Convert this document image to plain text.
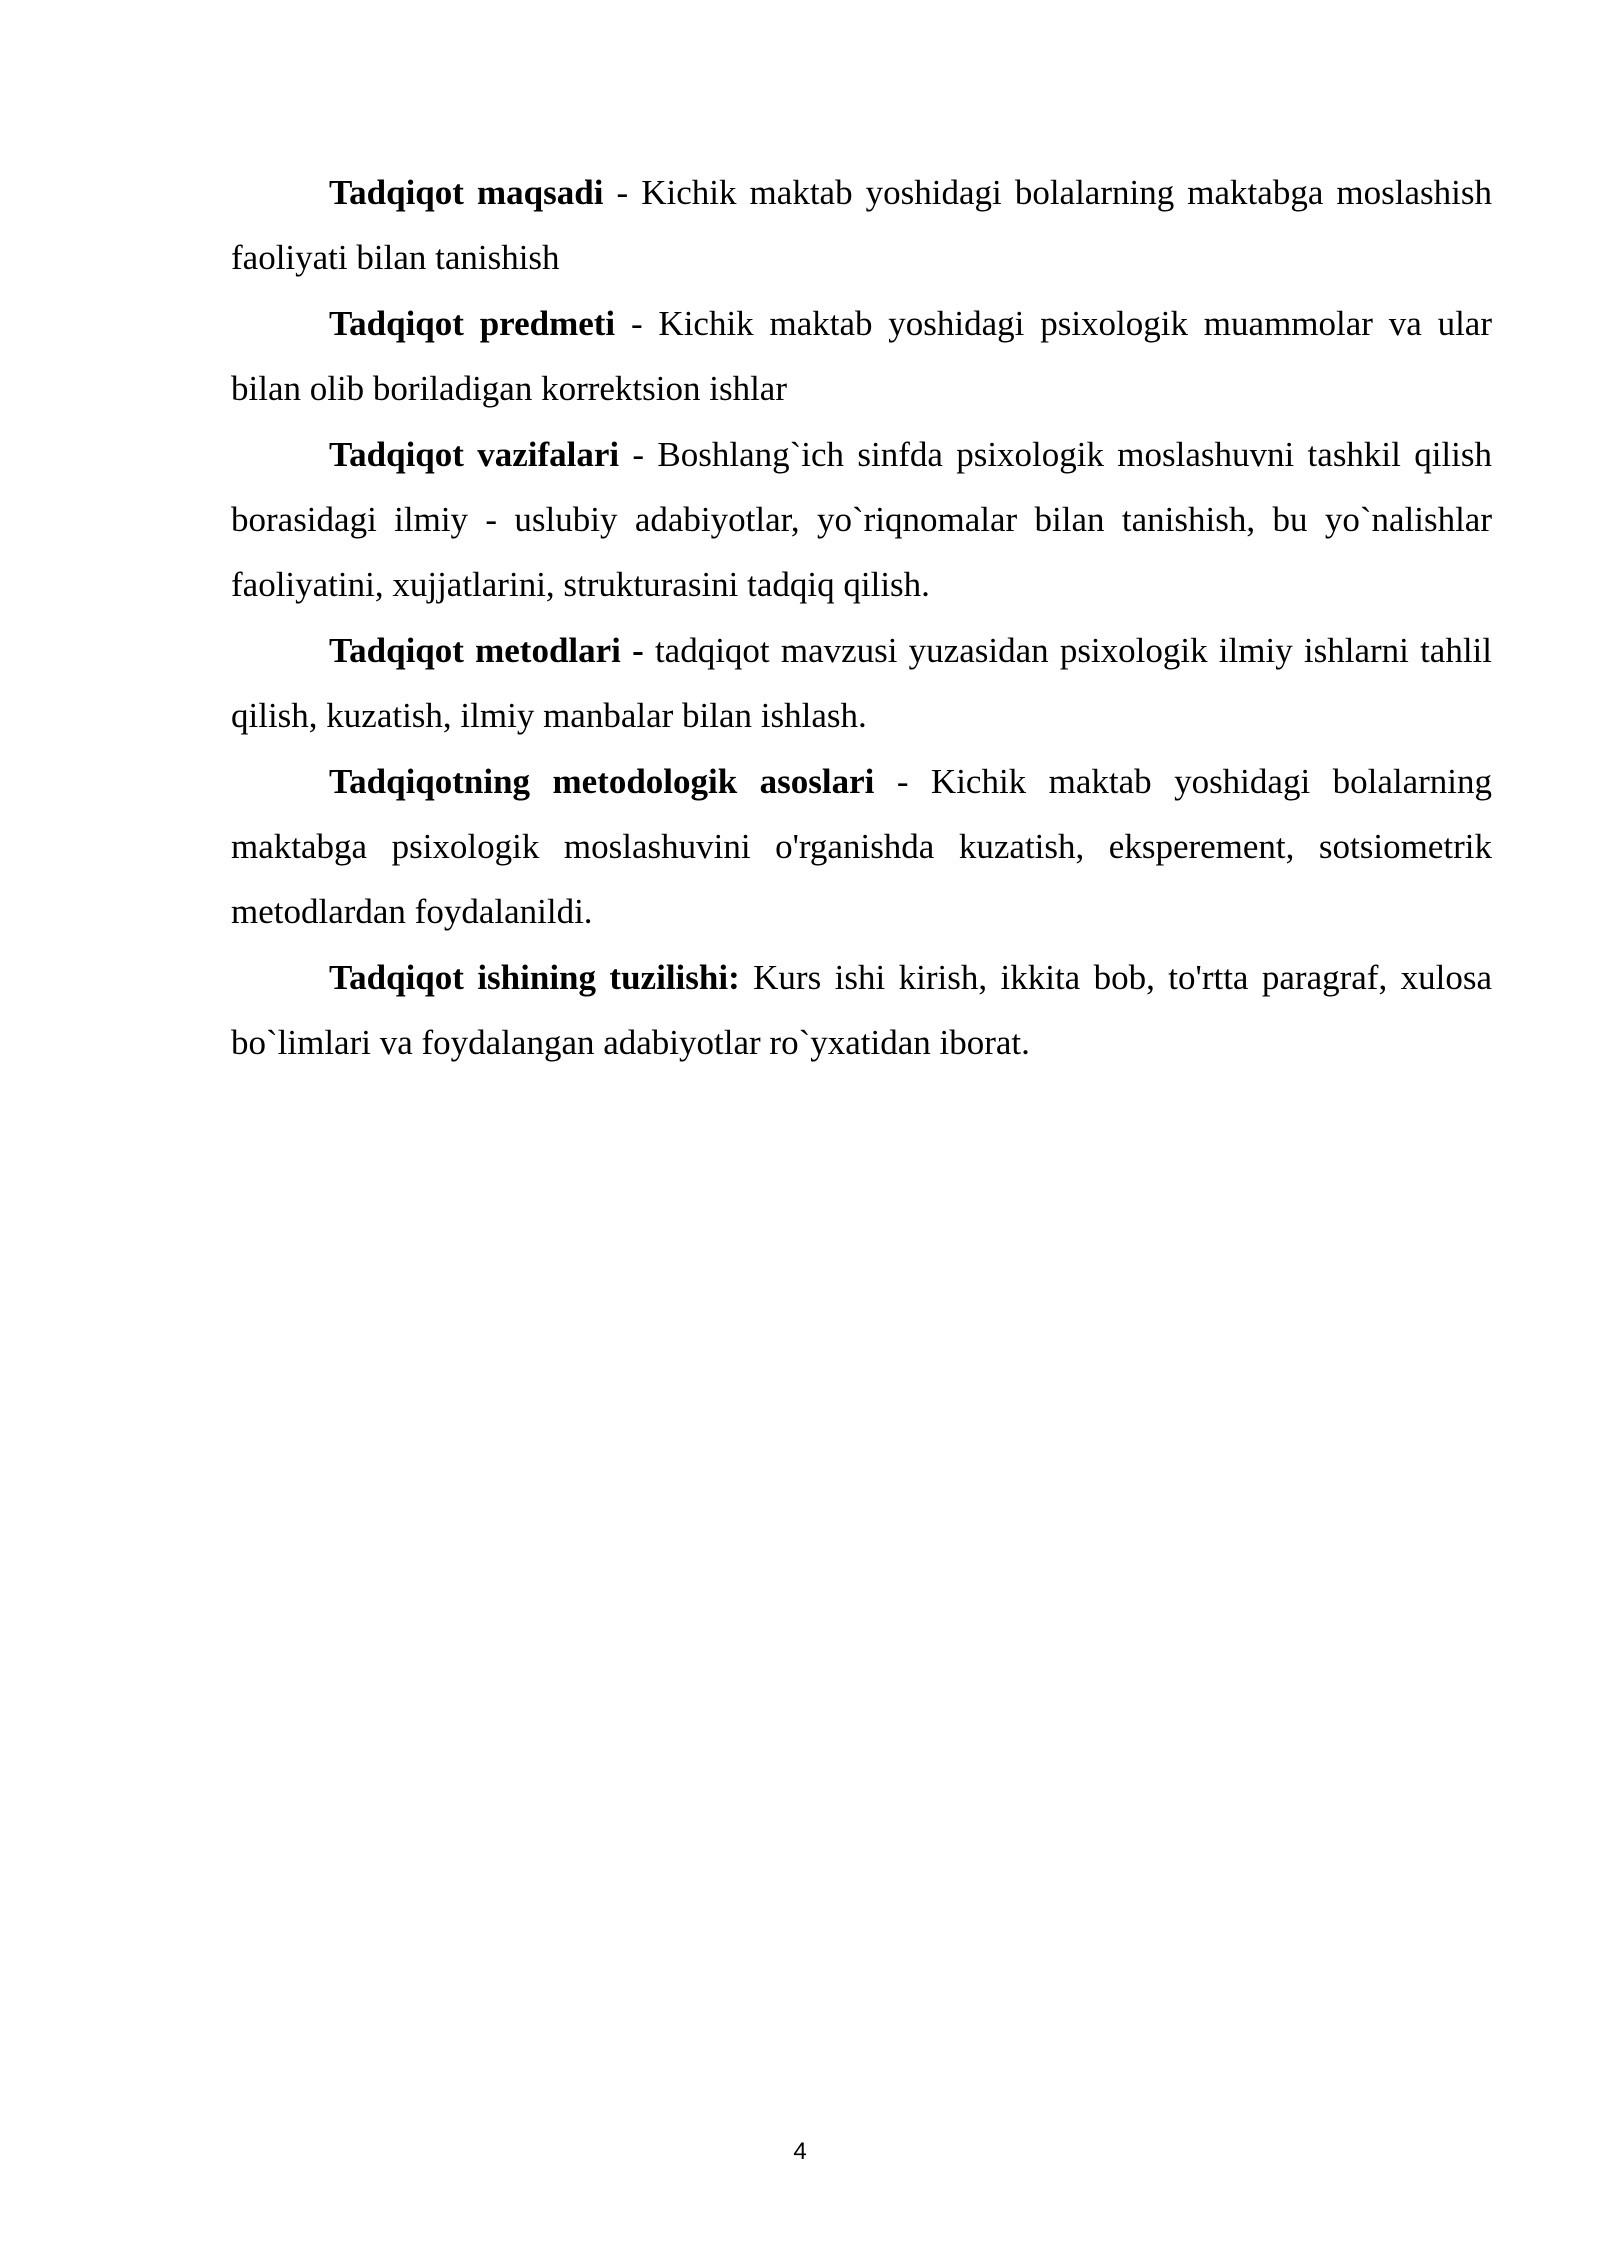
Tadqiqot maqsadi - Kichik maktab yoshidagi bolalarning maktabga moslashish faoliyati bilan tanishish

Tadqiqot predmeti - Kichik maktab yoshidagi psixologik muammolar va ular bilan olib boriladigan korrektsion ishlar

Tadqiqot vazifalari - Boshlang`ich sinfda psixologik moslashuvni tashkil qilish borasidagi ilmiy - uslubiy adabiyotlar, yo`riqnomalar bilan tanishish, bu yo`nalishlar faoliyatini, xujjatlarini, strukturasini tadqiq qilish.

Tadqiqot metodlari - tadqiqot mavzusi yuzasidan psixologik ilmiy ishlarni tahlil qilish, kuzatish, ilmiy manbalar bilan ishlash.

Tadqiqotning metodologik asoslari - Kichik maktab yoshidagi bolalarning maktabga psixologik moslashuvini o'rganishda kuzatish, eksperement, sotsiometrik metodlardan foydalanildi.

Tadqiqot ishining tuzilishi: Kurs ishi kirish, ikkita bob, to'rtta paragraf, xulosa bo`limlari va foydalangan adabiyotlar ro`yxatidan iborat.

4
